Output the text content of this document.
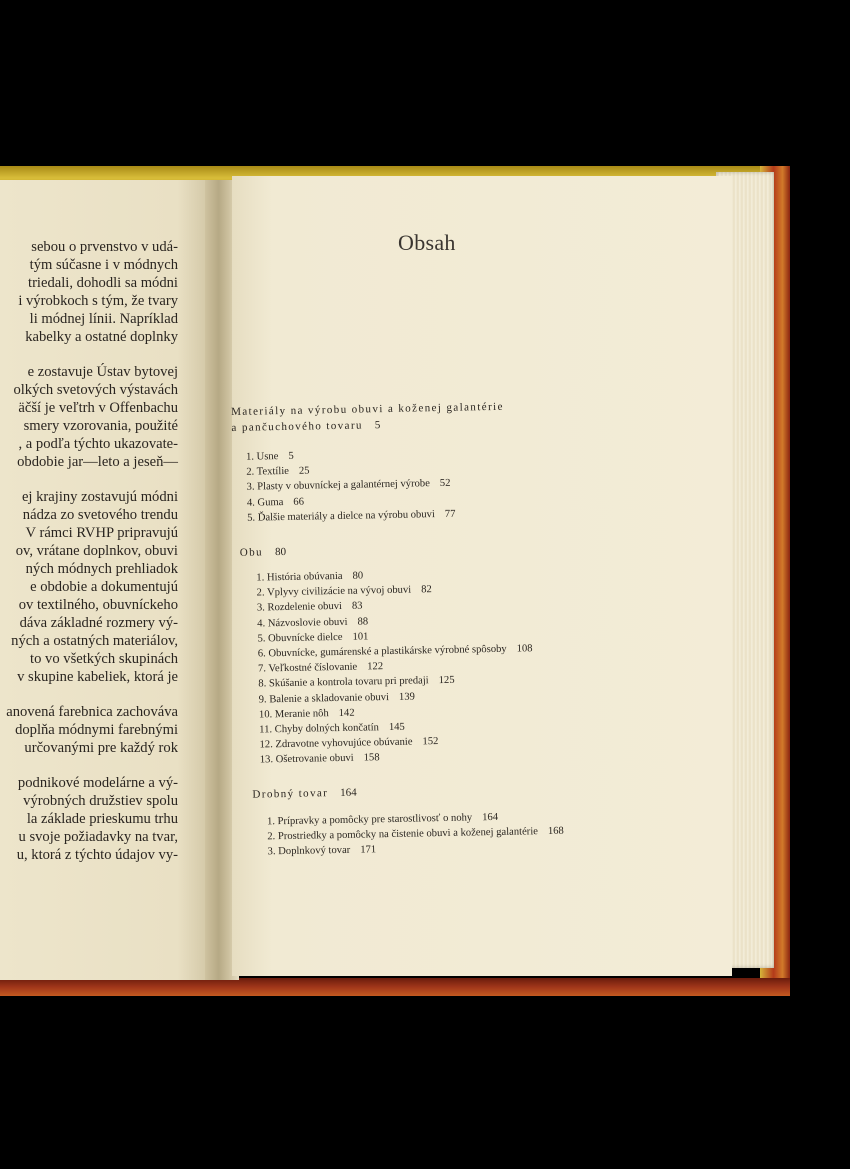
sebou o prvenstvo v udá-
tým súčasne i v módnych
triedali, dohodli sa módni
i výrobkoch s tým, že tvary
li módnej línii. Napríklad
kabelky a ostatné doplnky

e zostavuje Ústav bytovej
olkých svetových výstavách
äčší je veľtrh v Offenbachu
smery vzorovania, použité
, a podľa týchto ukazovate-
obdobie jar—leto a jeseň—

ej krajiny zostavujú módni
nádza zo svetového trendu
V rámci RVHP pripravujú
ov, vrátane doplnkov, obuvi
ných módnych prehliadok
e obdobie a dokumentujú
ov textilného, obuvníckeho
dáva základné rozmery vý-
ných a ostatných materiálov,
to vo všetkých skupinách
v skupine kabeliek, ktorá je

anovená farebnica zachováva
doplňa módnymi farebnými
určovanými pre každý rok

podnikové modelárne a vý-
výrobných družstiev spolu
la základe prieskumu trhu
u svoje požiadavky na tvar,
u, ktorá z týchto údajov vy-

Obsah
Materiály na výrobu obuvi a koženej galantérie
a pančuchového tovaru 5
1. Usne 5
2. Textílie 25
3. Plasty v obuvníckej a galantérnej výrobe 52
4. Guma 66
5. Ďalšie materiály a dielce na výrobu obuvi 77
Obu 80
1. História obúvania 80
2. Vplyvy civilizácie na vývoj obuvi 82
3. Rozdelenie obuvi 83
4. Názvoslovie obuvi 88
5. Obuvnícke dielce 101
6. Obuvnícke, gumárenské a plastikárske výrobné spôsoby 108
7. Veľkostné číslovanie 122
8. Skúšanie a kontrola tovaru pri predaji 125
9. Balenie a skladovanie obuvi 139
10. Meranie nôh 142
11. Chyby dolných končatín 145
12. Zdravotne vyhovujúce obúvanie 152
13. Ošetrovanie obuvi 158
Drobný tovar 164
1. Prípravky a pomôcky pre starostlivosť o nohy 164
2. Prostriedky a pomôcky na čistenie obuvi a koženej galantérie 168
3. Doplnkový tovar 171
